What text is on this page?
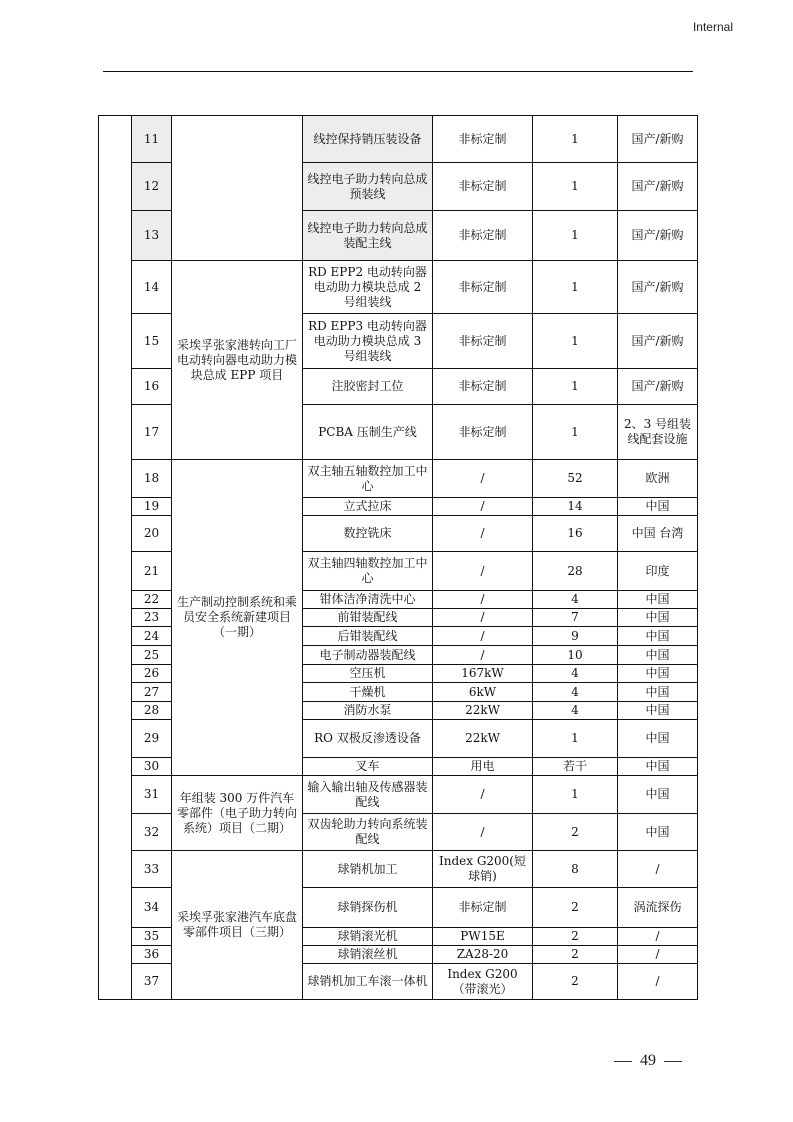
Internal
	11		线控保持销压装设备	非标定制	1	国产/新购
	12		线控电子助力转向总成预装线	非标定制	1	国产/新购
	13		线控电子助力转向总成装配主线	非标定制	1	国产/新购
	14	采埃孚张家港转向工厂电动转向器电动助力模块总成 EPP 项目	RD EPP2 电动转向器电动助力模块总成 2 号组装线	非标定制	1	国产/新购
	15		RD EPP3 电动转向器电动助力模块总成 3 号组装线	非标定制	1	国产/新购
	16		注胶密封工位	非标定制	1	国产/新购
	17		PCBA 压制生产线	非标定制	1	2、3 号组装线配套设施
	18	生产制动控制系统和乘员安全系统新建项目（一期）	双主轴五轴数控加工中心	/	52	欧洲
	19		立式拉床	/	14	中国
	20		数控铣床	/	16	中国 台湾
	21		双主轴四轴数控加工中心	/	28	印度
	22		钳体洁净清洗中心	/	4	中国
	23		前钳装配线	/	7	中国
	24		后钳装配线	/	9	中国
	25		电子制动器装配线	/	10	中国
	26		空压机	167kW	4	中国
	27		干燥机	6kW	4	中国
	28		消防水泵	22kW	4	中国
	29		RO 双极反渗透设备	22kW	1	中国
	30		叉车	用电	若干	中国
	31	年组装 300 万件汽车零部件（电子助力转向系统）项目（二期）	输入输出轴及传感器装配线	/	1	中国
	32		双齿轮助力转向系统装配线	/	2	中国
	33	采埃孚张家港汽车底盘零部件项目（三期）	球销机加工	Index G200(短球销)	8	/
	34		球销探伤机	非标定制	2	涡流探伤
	35		球销滚光机	PW15E	2	/
	36		球销滚丝机	ZA28-20	2	/
	37		球销机加工车滚一体机	Index G200（带滚光）	2	/
49
